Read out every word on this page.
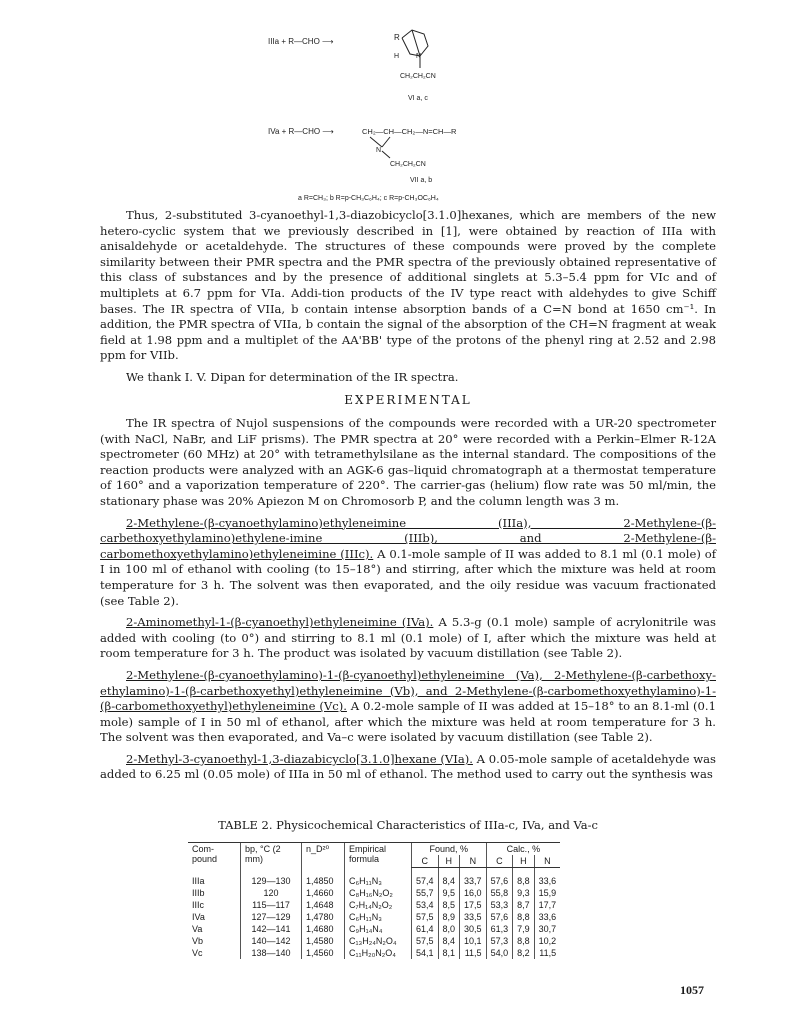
IIIa + R—CHO ⟶	R
H N
CH₂CH₂CN
VI a, c
IVa + R—CHO ⟶	CH₂—CH—CH₂—N=CH—R
N
CH₂CH₂CN
VII a, b
a R=CH₃; b R=p-CH₃C₆H₄; c R=p-CH₃OC₆H₄

Thus, 2-substituted 3-cyanoethyl-1,3-diazobicyclo[3.1.0]hexanes, which are members of the new hetero-cyclic system that we previously described in [1], were obtained by reaction of IIIa with anisaldehyde or acetaldehyde. The structures of these compounds were proved by the complete similarity between their PMR spectra and the PMR spectra of the previously obtained representative of this class of substances and by the presence of additional singlets at 5.3–5.4 ppm for VIc and of multiplets at 6.7 ppm for VIa. Addi-tion products of the IV type react with aldehydes to give Schiff bases. The IR spectra of VIIa, b contain intense absorption bands of a C=N bond at 1650 cm⁻¹. In addition, the PMR spectra of VIIa, b contain the signal of the absorption of the CH=N fragment at weak field at 1.98 ppm and a multiplet of the AA'BB' type of the protons of the phenyl ring at 2.52 and 2.98 ppm for VIIb.

We thank I. V. Dipan for determination of the IR spectra.

EXPERIMENTAL

The IR spectra of Nujol suspensions of the compounds were recorded with a UR-20 spectrometer (with NaCl, NaBr, and LiF prisms). The PMR spectra at 20° were recorded with a Perkin–Elmer R-12A spectrometer (60 MHz) at 20° with tetramethylsilane as the internal standard. The compositions of the reaction products were analyzed with an AGK-6 gas–liquid chromatograph at a thermostat temperature of 160° and a vaporization temperature of 220°. The carrier-gas (helium) flow rate was 50 ml/min, the stationary phase was 20% Apiezon M on Chromosorb P, and the column length was 3 m.

2-Methylene-(β-cyanoethylamino)ethyleneimine (IIIa), 2-Methylene-(β-carbethoxyethylamino)ethylene-imine (IIIb), and 2-Methylene-(β-carbomethoxyethylamino)ethyleneimine (IIIc). A 0.1-mole sample of II was added to 8.1 ml (0.1 mole) of I in 100 ml of ethanol with cooling (to 15–18°) and stirring, after which the mixture was held at room temperature for 3 h. The solvent was then evaporated, and the oily residue was vacuum fractionated (see Table 2).

2-Aminomethyl-1-(β-cyanoethyl)ethyleneimine (IVa). A 5.3-g (0.1 mole) sample of acrylonitrile was added with cooling (to 0°) and stirring to 8.1 ml (0.1 mole) of I, after which the mixture was held at room temperature for 3 h. The product was isolated by vacuum distillation (see Table 2).

2-Methylene-(β-cyanoethylamino)-1-(β-cyanoethyl)ethyleneimine (Va), 2-Methylene-(β-carbethoxy-ethylamino)-1-(β-carbethoxyethyl)ethyleneimine (Vb), and 2-Methylene-(β-carbomethoxyethylamino)-1-(β-carbomethoxyethyl)ethyleneimine (Vc). A 0.2-mole sample of II was added at 15–18° to an 8.1-ml (0.1 mole) sample of I in 50 ml of ethanol, after which the mixture was held at room temperature for 3 h. The solvent was then evaporated, and Va–c were isolated by vacuum distillation (see Table 2).

2-Methyl-3-cyanoethyl-1,3-diazabicyclo[3.1.0]hexane (VIa). A 0.05-mole sample of acetaldehyde was added to 6.25 ml (0.05 mole) of IIIa in 50 ml of ethanol. The method used to carry out the synthesis was

TABLE 2. Physicochemical Characteristics of IIIa-c, IVa, and Va-c
Com-pound	bp, °C (2 mm)	n_D²⁰	Empirical formula	Found, %			Calc., %		
				C	H	N	C	H	N
IIIa	129—130	1,4850	C₆H₁₁N₃	57,4	8,4	33,7	57,6	8,8	33,6
IIIb	120	1,4660	C₈H₁₆N₂O₂	55,7	9,5	16,0	55,8	9,3	15,9
IIIc	115—117	1,4648	C₇H₁₄N₂O₂	53,4	8,5	17,5	53,3	8,7	17,7
IVa	127—129	1,4780	C₆H₁₁N₃	57,5	8,9	33,5	57,6	8,8	33,6
Va	142—141	1,4680	C₉H₁₄N₄	61,4	8,0	30,5	61,3	7,9	30,7
Vb	140—142	1,4580	C₁₃H₂₄N₂O₄	57,5	8,4	10,1	57,3	8,8	10,2
Vc	138—140	1,4560	C₁₁H₂₀N₂O₄	54,1	8,1	11,5	54,0	8,2	11,5
1057
